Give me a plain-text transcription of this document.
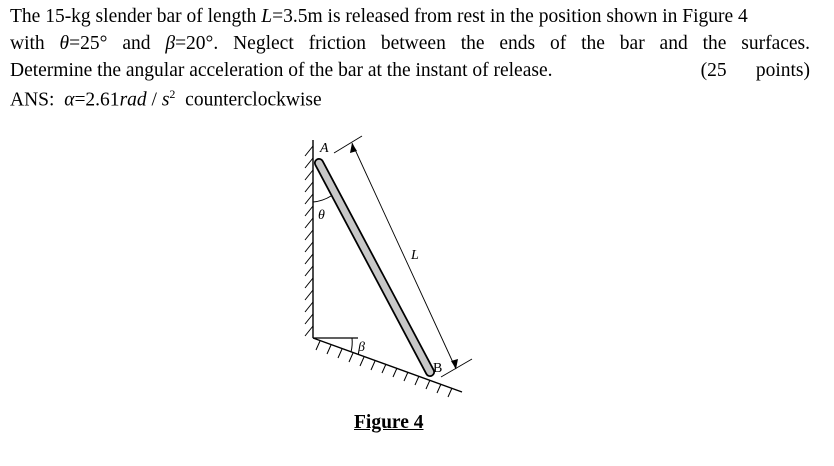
The 15-kg slender bar of length L=3.5m is released from rest in the position shown in Figure 4
with θ=25° and β=20°. Neglect friction between the ends of the bar and the surfaces.
Determine the angular acceleration of the bar at the instant of release.	(25 points)
ANS: $\alpha=2.61rad / s^2$ counterclockwise
β
θ
A
B
L
Figure 4
